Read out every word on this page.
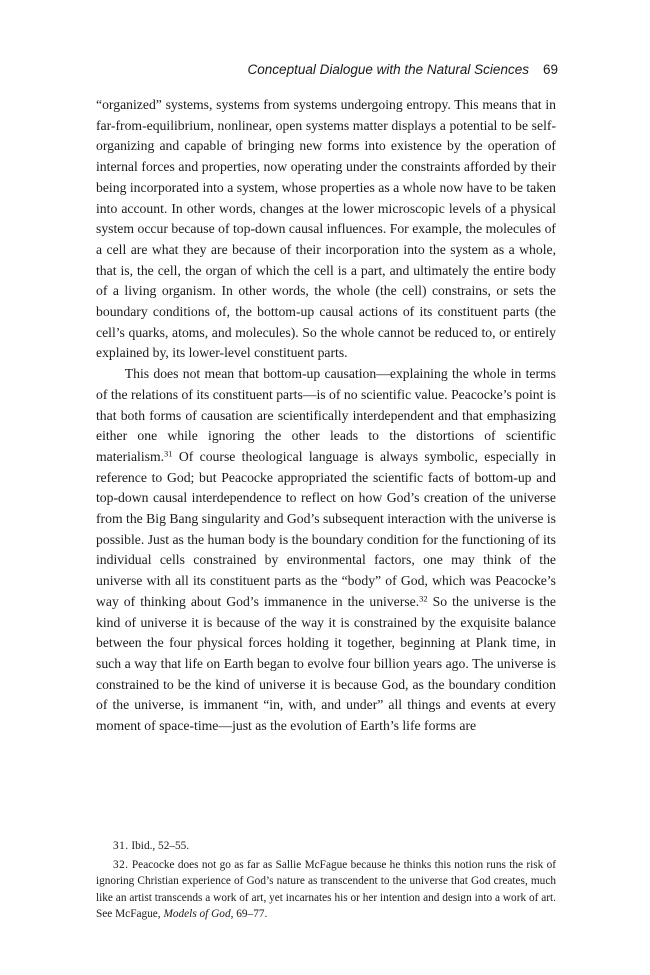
Conceptual Dialogue with the Natural Sciences 69

“organized” systems, systems from systems undergoing entropy. This means that in far-from-equilibrium, nonlinear, open systems matter displays a potential to be self-organizing and capable of bringing new forms into existence by the operation of internal forces and properties, now operating under the constraints afforded by their being incorporated into a system, whose properties as a whole now have to be taken into account. In other words, changes at the lower microscopic levels of a physical system occur because of top-down causal influences. For example, the molecules of a cell are what they are because of their incorporation into the system as a whole, that is, the cell, the organ of which the cell is a part, and ultimately the entire body of a living organism. In other words, the whole (the cell) constrains, or sets the boundary conditions of, the bottom-up causal actions of its constituent parts (the cell’s quarks, atoms, and molecules). So the whole cannot be reduced to, or entirely explained by, its lower-level constituent parts.

This does not mean that bottom-up causation—explaining the whole in terms of the relations of its constituent parts—is of no scientific value. Peacocke’s point is that both forms of causation are scientifically interdependent and that emphasizing either one while ignoring the other leads to the distortions of scientific materialism.$^{31}$ Of course theological language is always symbolic, especially in reference to God; but Peacocke appropriated the scientific facts of bottom-up and top-down causal interdependence to reflect on how God’s creation of the universe from the Big Bang singularity and God’s subsequent interaction with the universe is possible. Just as the human body is the boundary condition for the functioning of its individual cells constrained by environmental factors, one may think of the universe with all its constituent parts as the “body” of God, which was Peacocke’s way of thinking about God’s immanence in the universe.$^{32}$ So the universe is the kind of universe it is because of the way it is constrained by the exquisite balance between the four physical forces holding it together, beginning at Plank time, in such a way that life on Earth began to evolve four billion years ago. The universe is constrained to be the kind of universe it is because God, as the boundary condition of the universe, is immanent “in, with, and under” all things and events at every moment of space-time—just as the evolution of Earth’s life forms are

31. Ibid., 52–55.

32. Peacocke does not go as far as Sallie McFague because he thinks this notion runs the risk of ignoring Christian experience of God’s nature as transcendent to the universe that God creates, much like an artist transcends a work of art, yet incarnates his or her intention and design into a work of art. See McFague, Models of God, 69–77.
